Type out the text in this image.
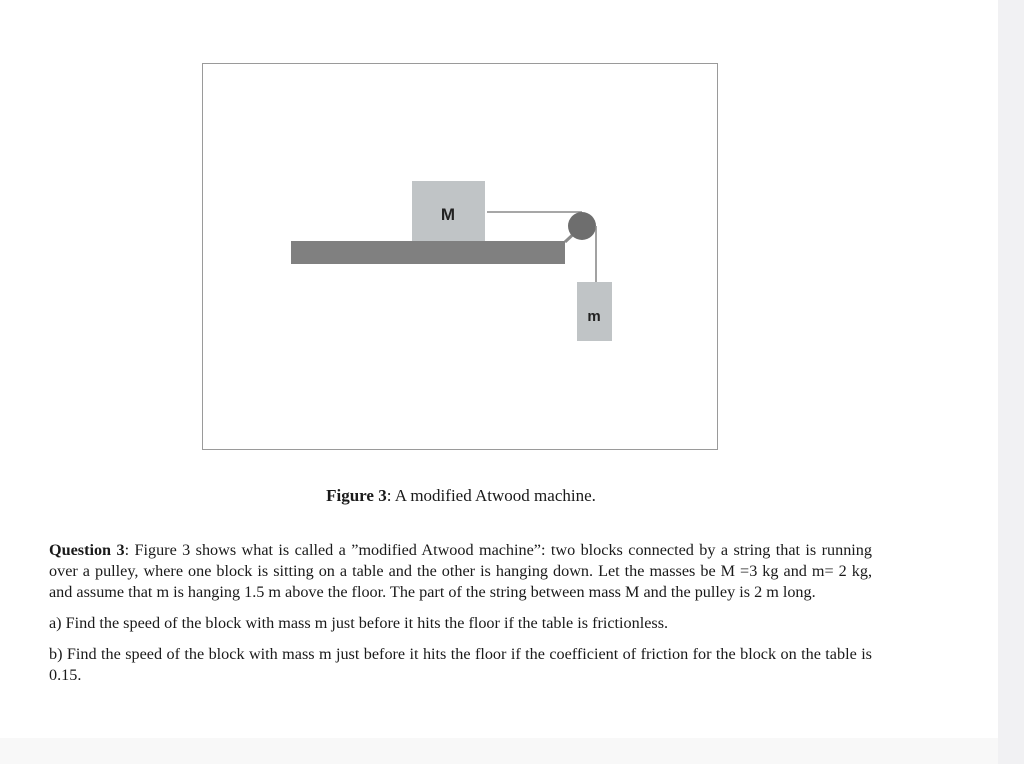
M
m
Figure 3: A modified Atwood machine.

Question 3: Figure 3 shows what is called a ”modified Atwood machine”: two blocks connected by a string that is running over a pulley, where one block is sitting on a table and the other is hanging down. Let the masses be M =3 kg and m= 2 kg, and assume that m is hanging 1.5 m above the floor. The part of the string between mass M and the pulley is 2 m long.

a) Find the speed of the block with mass m just before it hits the floor if the table is frictionless.

b) Find the speed of the block with mass m just before it hits the floor if the coefficient of friction for the block on the table is 0.15.
